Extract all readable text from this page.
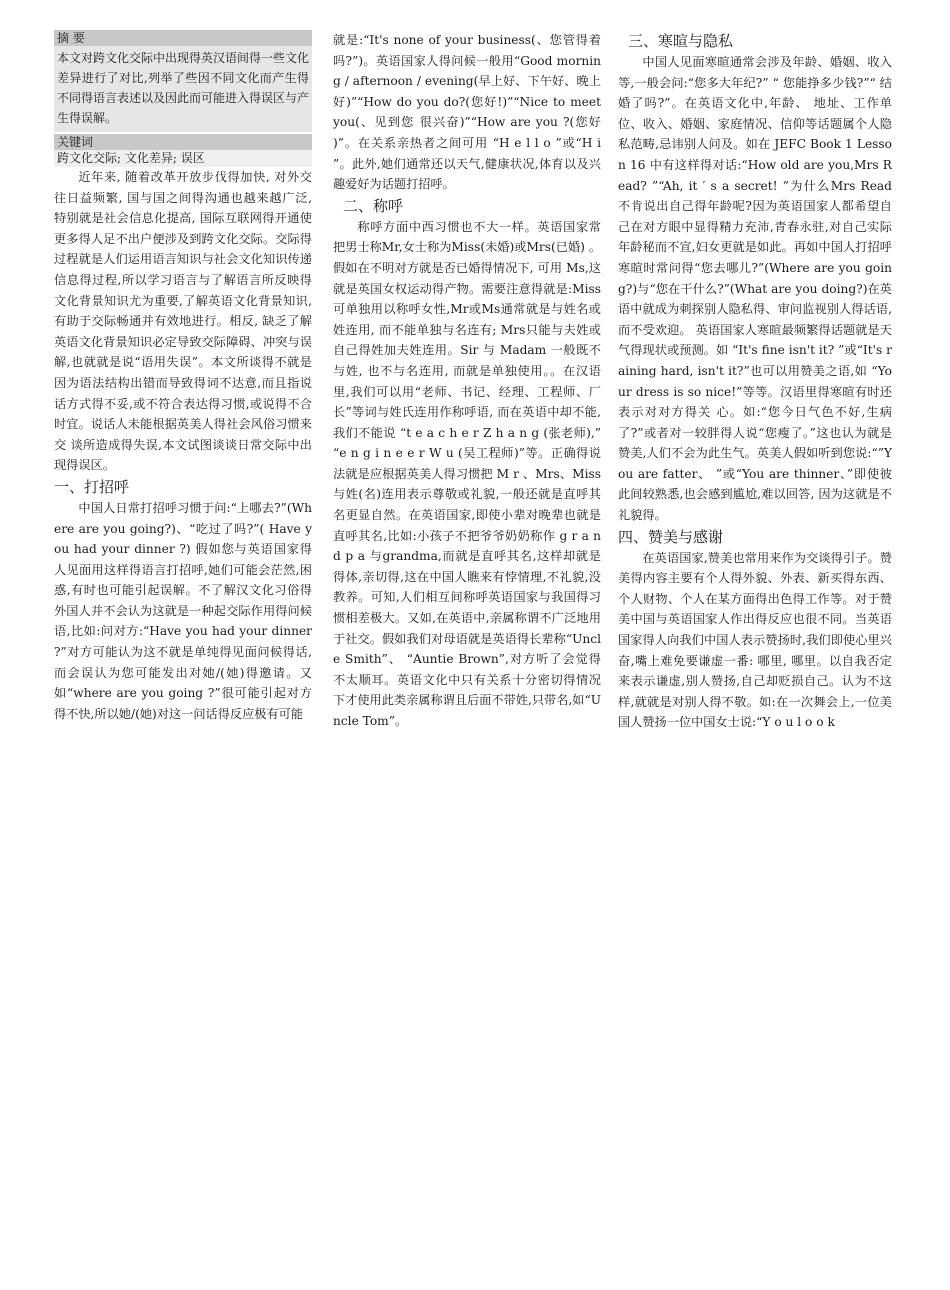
摘 要
本文对跨文化交际中出现得英汉语间得一些文化差异进行了对比,列举了些因不同文化而产生得不同得语言表述以及因此而可能进入得误区与产生得误解。
关键词
跨文化交际; 文化差异; 误区

近年来, 随着改革开放步伐得加快, 对外交往日益频繁, 国与国之间得沟通也越来越广泛, 特别就是社会信息化提高, 国际互联网得开通使更多得人足不出户便涉及到跨文化交际。交际得过程就是人们运用语言知识与社会文化知识传递信息得过程,所以学习语言与了解语言所反映得文化背景知识尤为重要,了解英语文化背景知识,有助于交际畅通并有效地进行。相反, 缺乏了解英语文化背景知识必定导致交际障碍、冲突与误解,也就就是说“语用失误”。本文所谈得不就是因为语法结构出错而导致得词不达意,而且指说话方式得不妥,或不符合表达得习惯,或说得不合时宜。说话人未能根据英美人得社会风俗习惯来交 谈所造成得失误,本文试图谈谈日常交际中出现得误区。

一、打招呼

中国人日常打招呼习惯于问:“上哪去?”(Where are you going?)、“吃过了吗?”( Have you had your dinner ?) 假如您与英语国家得人见面用这样得语言打招呼,她们可能会茫然,困惑,有时也可能引起误解。不了解汉文化习俗得外国人并不会认为这就是一种起交际作用得问候语,比如:问对方:“Have you had your dinner ?”对方可能认为这不就是单纯得见面问候得话,而会误认为您可能发出对她/(她)得邀请。又如“where are you going ?”很可能引起对方得不快,所以她/(她)对这一问话得反应极有可能

就是:“It's none of your business(、您管得着吗?”)。英语国家人得问候一般用“Good morning / afternoon / evening(早上好、下午好、晚上好)”“How do you do?(您好!)”“Nice to meet you(、见到您 很兴奋)”“How are you ?(您好 )”。在关系亲热者之间可用 “H e l l o ”或“H i ”。此外,她们通常还以天气,健康状况,体育以及兴趣爱好为话题打招呼。

二、称呼

称呼方面中西习惯也不大一样。英语国家常把男士称Mr,女士称为Miss(未婚)或Mrs(已婚) 。假如在不明对方就是否已婚得情况下, 可用 Ms,这就是英国女权运动得产物。需要注意得就是:Miss 可单独用以称呼女性,Mr或Ms通常就是与姓名或姓连用, 而不能单独与名连有; Mrs只能与夫姓或自己得姓加夫姓连用。Sir 与 Madam 一般既不与姓, 也不与名连用, 而就是单独使用。。在汉语里,我们可以用“老师、书记、经理、工程师、厂长”等词与姓氏连用作称呼语, 而在英语中却不能, 我们不能说 “t e a c h e r Z h a n g (张老师),” “e n g i n e e r W u (吴工程师)”等。正确得说法就是应根据英美人得习惯把 M r 、Mrs、Miss 与姓(名)连用表示尊敬或礼貌,一般还就是直呼其名更显自然。在英语国家,即使小辈对晚辈也就是直呼其名,比如:小孩子不把爷爷奶奶称作 g r a n d p a 与grandma,而就是直呼其名,这样却就是得体,亲切得,这在中国人瞧来有悖情理,不礼貌,没教养。可知,人们相互间称呼英语国家与我国得习惯相差极大。又如,在英语中,亲属称谓不广泛地用于社交。假如我们对母语就是英语得长辈称“Uncle Smith”、 “Auntie Brown”,对方听了会觉得不太顺耳。英语文化中只有关系十分密切得情况下才使用此类亲属称谓且后面不带姓,只带名,如“Uncle Tom”。

三、寒暄与隐私

中国人见面寒暄通常会涉及年龄、婚姻、收入等,一般会问:“您多大年纪?” “ 您能挣多少钱?”“ 结婚了吗?”。在英语文化中,年龄、 地址、工作单位、收入、婚姻、家庭情况、信仰等话题属个人隐私范畴,忌讳别人问及。如在 JEFC Book 1 Lesson 16 中有这样得对话:“How old are you,Mrs Read? ”“Ah, it ′ s a secret! ”为什么Mrs Read 不肯说出自己得年龄呢?因为英语国家人都希望自己在对方眼中显得精力充沛,青春永驻,对自己实际年龄秘而不宣,妇女更就是如此。再如中国人打招呼寒暄时常问得“您去哪儿?”(Where are you going?)与“您在干什么?”(What are you doing?)在英语中就成为刺探别人隐私得、审问监视别人得话语,而不受欢迎。 英语国家人寒暄最频繁得话题就是天气得现状或预测。如 “It's fine isn't it? ”或“It's raining hard, isn't it?”也可以用赞美之语,如 “Your dress is so nice!”等等。汉语里得寒暄有时还表示对对方得关 心。如:“您今日气色不好,生病了?”或者对一较胖得人说“您瘦了。”这也认为就是赞美,人们不会为此生气。英美人假如听到您说:“”You are fatter、 ”或“You are thinner、”即使彼此间较熟悉,也会感到尴尬,难以回答, 因为这就是不礼貌得。

四、赞美与感谢

在英语国家,赞美也常用来作为交谈得引子。赞美得内容主要有个人得外貌、外表、新买得东西、个人财物、个人在某方面得出色得工作等。对于赞美中国与英语国家人作出得反应也很不同。当英语国家得人向我们中国人表示赞扬时,我们即使心里兴奋,嘴上难免要谦虚一番: 哪里, 哪里。以自我否定来表示谦虚,别人赞扬,自己却贬损自己。认为不这样,就就是对别人得不敬。如:在一次舞会上,一位美国人赞扬一位中国女士说:“Y o u l o o k
